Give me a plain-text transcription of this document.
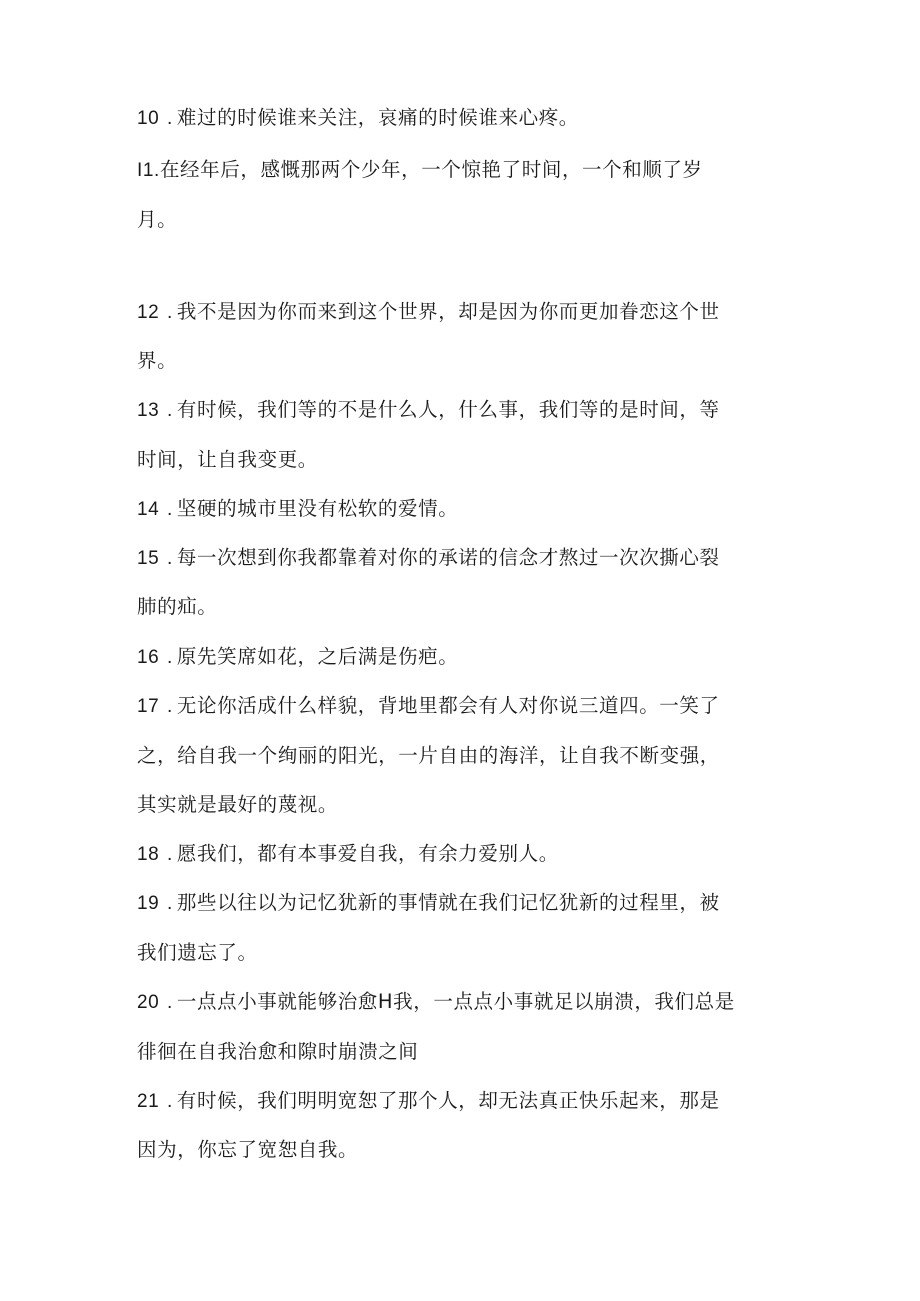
10. 难过的时候谁来关注，哀痛的时候谁来心疼。
I1.在经年后，感慨那两个少年，一个惊艳了时间，一个和顺了岁
月。
12. 我不是因为你而来到这个世界，却是因为你而更加眷恋这个世
界。
13. 有时候，我们等的不是什么人，什么事，我们等的是时间，等
时间，让自我变更。
14. 坚硬的城市里没有松软的爱情。
15. 每一次想到你我都靠着对你的承诺的信念才熬过一次次撕心裂
肺的疝。
16. 原先笑席如花，之后满是伤疤。
17. 无论你活成什么样貌，背地里都会有人对你说三道四。一笑了
之，给自我一个绚丽的阳光，一片自由的海洋，让自我不断变强，
其实就是最好的蔑视。
18. 愿我们，都有本事爱自我，有余力爱别人。
19. 那些以往以为记忆犹新的事情就在我们记忆犹新的过程里，被
我们遗忘了。
20. 一点点小事就能够治愈H我，一点点小事就足以崩溃，我们总是
徘徊在自我治愈和隙时崩溃之间
21. 有时候，我们明明宽恕了那个人，却无法真正快乐起来，那是
因为，你忘了宽恕自我。
